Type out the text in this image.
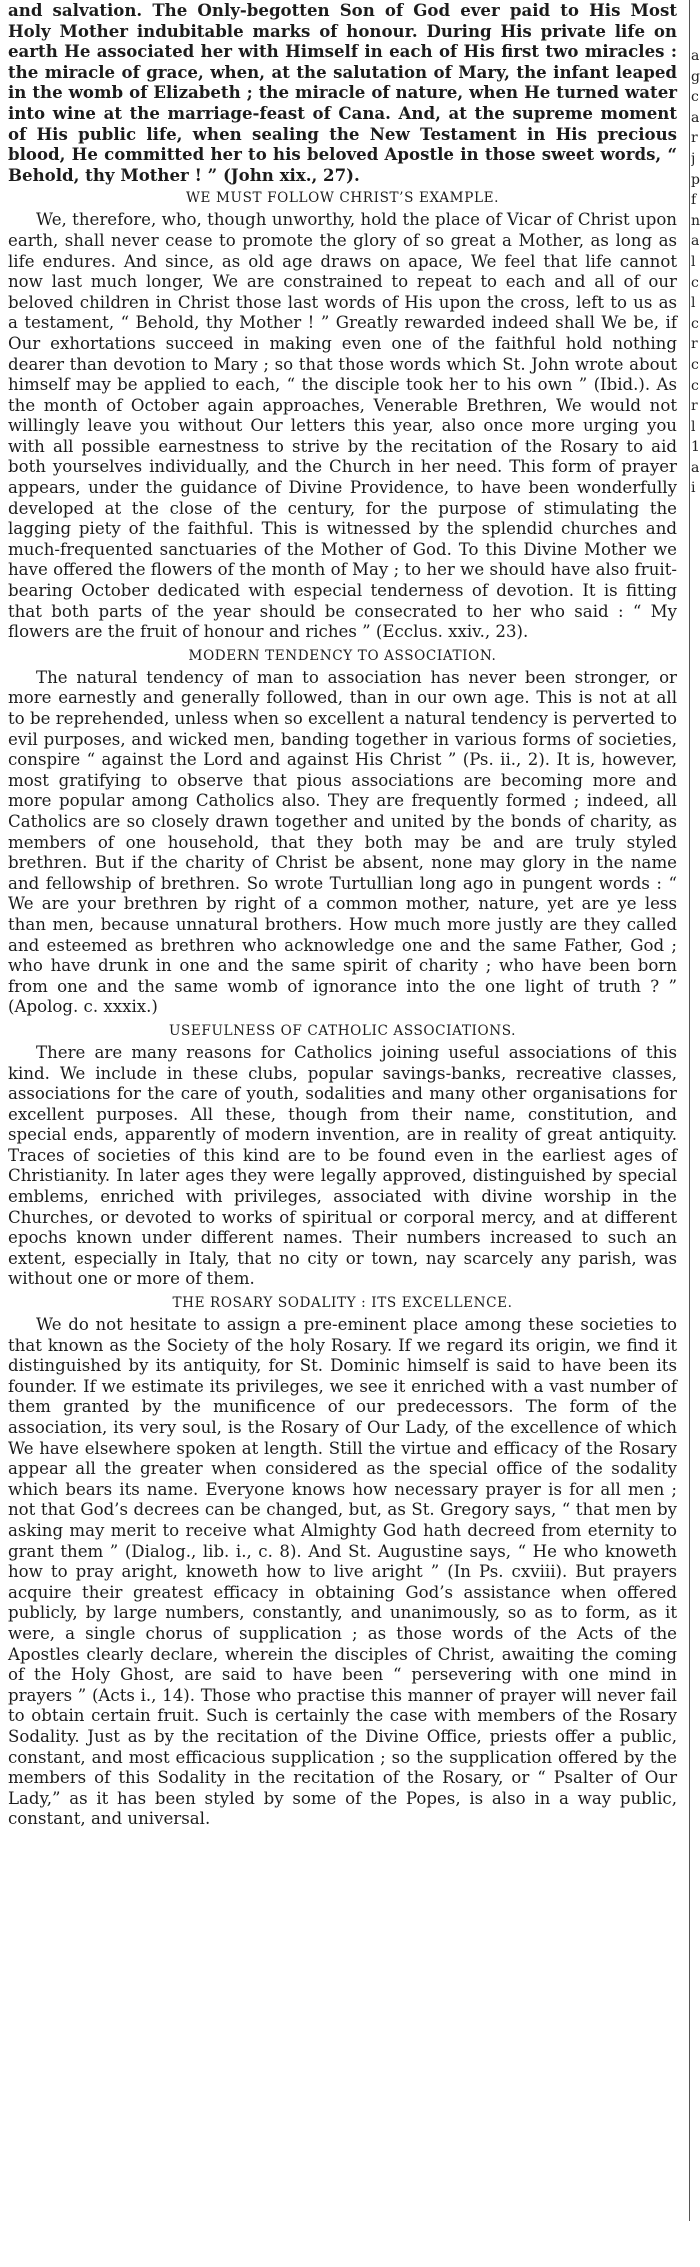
and salvation. The Only-begotten Son of God ever paid to His Most Holy Mother indubitable marks of honour. During His private life on earth He associated her with Himself in each of His first two miracles : the miracle of grace, when, at the salutation of Mary, the infant leaped in the womb of Elizabeth ; the miracle of nature, when He turned water into wine at the marriage-feast of Cana. And, at the supreme moment of His public life, when sealing the New Testament in His precious blood, He committed her to his beloved Apostle in those sweet words, “ Behold, thy Mother ! ” (John xix., 27).

WE MUST FOLLOW CHRIST’S EXAMPLE.

We, therefore, who, though unworthy, hold the place of Vicar of Christ upon earth, shall never cease to promote the glory of so great a Mother, as long as life endures. And since, as old age draws on apace, We feel that life cannot now last much longer, We are constrained to repeat to each and all of our beloved children in Christ those last words of His upon the cross, left to us as a testament, “ Behold, thy Mother ! ” Greatly rewarded indeed shall We be, if Our exhortations succeed in making even one of the faithful hold nothing dearer than devotion to Mary ; so that those words which St. John wrote about himself may be applied to each, “ the disciple took her to his own ” (Ibid.). As the month of October again approaches, Venerable Brethren, We would not willingly leave you without Our letters this year, also once more urging you with all possible earnestness to strive by the recitation of the Rosary to aid both yourselves individually, and the Church in her need. This form of prayer appears, under the guidance of Divine Providence, to have been wonderfully developed at the close of the century, for the purpose of stimulating the lagging piety of the faithful. This is witnessed by the splendid churches and much-frequented sanctuaries of the Mother of God. To this Divine Mother we have offered the flowers of the month of May ; to her we should have also fruit-bearing October dedicated with especial tenderness of devotion. It is fitting that both parts of the year should be consecrated to her who said : “ My flowers are the fruit of honour and riches ” (Ecclus. xxiv., 23).

MODERN TENDENCY TO ASSOCIATION.

The natural tendency of man to association has never been stronger, or more earnestly and generally followed, than in our own age. This is not at all to be reprehended, unless when so excellent a natural tendency is perverted to evil purposes, and wicked men, banding together in various forms of societies, conspire “ against the Lord and against His Christ ” (Ps. ii., 2). It is, however, most gratifying to observe that pious associations are becoming more and more popular among Catholics also. They are frequently formed ; indeed, all Catholics are so closely drawn together and united by the bonds of charity, as members of one household, that they both may be and are truly styled brethren. But if the charity of Christ be absent, none may glory in the name and fellowship of brethren. So wrote Turtullian long ago in pungent words : “ We are your brethren by right of a common mother, nature, yet are ye less than men, because unnatural brothers. How much more justly are they called and esteemed as brethren who acknowledge one and the same Father, God ; who have drunk in one and the same spirit of charity ; who have been born from one and the same womb of ignorance into the one light of truth ? ” (Apolog. c. xxxix.)

USEFULNESS OF CATHOLIC ASSOCIATIONS.

There are many reasons for Catholics joining useful associations of this kind. We include in these clubs, popular savings-banks, recreative classes, associations for the care of youth, sodalities and many other organisations for excellent purposes. All these, though from their name, constitution, and special ends, apparently of modern invention, are in reality of great antiquity. Traces of societies of this kind are to be found even in the earliest ages of Christianity. In later ages they were legally approved, distinguished by special emblems, enriched with privileges, associated with divine worship in the Churches, or devoted to works of spiritual or corporal mercy, and at different epochs known under different names. Their numbers increased to such an extent, especially in Italy, that no city or town, nay scarcely any parish, was without one or more of them.

THE ROSARY SODALITY : ITS EXCELLENCE.

We do not hesitate to assign a pre-eminent place among these societies to that known as the Society of the holy Rosary. If we regard its origin, we find it distinguished by its antiquity, for St. Dominic himself is said to have been its founder. If we estimate its privileges, we see it enriched with a vast number of them granted by the munificence of our predecessors. The form of the association, its very soul, is the Rosary of Our Lady, of the excellence of which We have elsewhere spoken at length. Still the virtue and efficacy of the Rosary appear all the greater when considered as the special office of the sodality which bears its name. Everyone knows how necessary prayer is for all men ; not that God’s decrees can be changed, but, as St. Gregory says, “ that men by asking may merit to receive what Almighty God hath decreed from eternity to grant them ” (Dialog., lib. i., c. 8). And St. Augustine says, “ He who knoweth how to pray aright, knoweth how to live aright ” (In Ps. cxviii). But prayers acquire their greatest efficacy in obtaining God’s assistance when offered publicly, by large numbers, constantly, and unanimously, so as to form, as it were, a single chorus of supplication ; as those words of the Acts of the Apostles clearly declare, wherein the disciples of Christ, awaiting the coming of the Holy Ghost, are said to have been “ persevering with one mind in prayers ” (Acts i., 14). Those who practise this manner of prayer will never fail to obtain certain fruit. Such is certainly the case with members of the Rosary Sodality. Just as by the recitation of the Divine Office, priests offer a public, constant, and most efficacious supplication ; so the supplication offered by the members of this Sodality in the recitation of the Rosary, or “ Psalter of Our Lady,” as it has been styled by some of the Popes, is also in a way public, constant, and universal.

a
g
c
a
r
j
p
f
n
a
l
c
l
c
r
c
c
r
l
1
a
i
